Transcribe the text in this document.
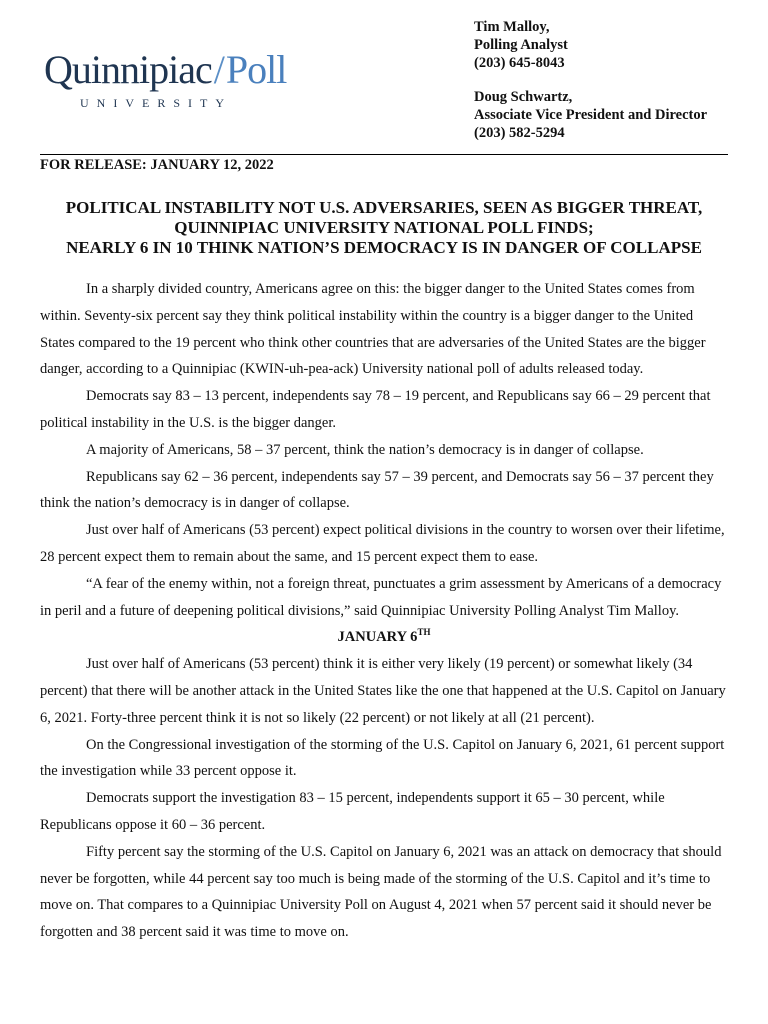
Quinnipiac/Poll
UNIVERSITY
Tim Malloy,
Polling Analyst
(203) 645-8043
Doug Schwartz,
Associate Vice President and Director
(203) 582-5294
FOR RELEASE: JANUARY 12, 2022
POLITICAL INSTABILITY NOT U.S. ADVERSARIES, SEEN AS BIGGER THREAT,
QUINNIPIAC UNIVERSITY NATIONAL POLL FINDS;
NEARLY 6 IN 10 THINK NATION’S DEMOCRACY IS IN DANGER OF COLLAPSE

In a sharply divided country, Americans agree on this: the bigger danger to the United States comes from within. Seventy-six percent say they think political instability within the country is a bigger danger to the United States compared to the 19 percent who think other countries that are adversaries of the United States are the bigger danger, according to a Quinnipiac (KWIN-uh-pea-ack) University national poll of adults released today.

Democrats say 83 – 13 percent, independents say 78 – 19 percent, and Republicans say 66 – 29 percent that political instability in the U.S. is the bigger danger.

A majority of Americans, 58 – 37 percent, think the nation’s democracy is in danger of collapse.

Republicans say 62 – 36 percent, independents say 57 – 39 percent, and Democrats say 56 – 37 percent they think the nation’s democracy is in danger of collapse.

Just over half of Americans (53 percent) expect political divisions in the country to worsen over their lifetime, 28 percent expect them to remain about the same, and 15 percent expect them to ease.

“A fear of the enemy within, not a foreign threat, punctuates a grim assessment by Americans of a democracy in peril and a future of deepening political divisions,” said Quinnipiac University Polling Analyst Tim Malloy.

JANUARY 6TH

Just over half of Americans (53 percent) think it is either very likely (19 percent) or somewhat likely (34 percent) that there will be another attack in the United States like the one that happened at the U.S. Capitol on January 6, 2021. Forty-three percent think it is not so likely (22 percent) or not likely at all (21 percent).

On the Congressional investigation of the storming of the U.S. Capitol on January 6, 2021, 61 percent support the investigation while 33 percent oppose it.

Democrats support the investigation 83 – 15 percent, independents support it 65 – 30 percent, while Republicans oppose it 60 – 36 percent.

Fifty percent say the storming of the U.S. Capitol on January 6, 2021 was an attack on democracy that should never be forgotten, while 44 percent say too much is being made of the storming of the U.S. Capitol and it’s time to move on. That compares to a Quinnipiac University Poll on August 4, 2021 when 57 percent said it should never be forgotten and 38 percent said it was time to move on.
